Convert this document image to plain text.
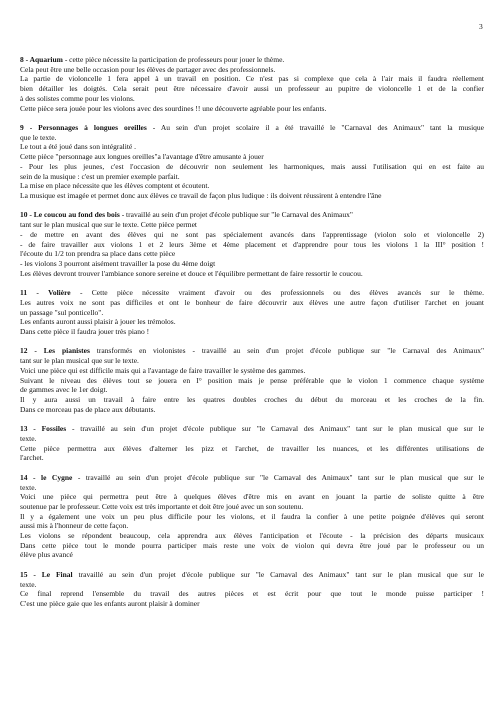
3
8 - Aquarium - cette pièce nécessite la participation de professeurs pour jouer le thème.
Cela peut être une belle occasion pour les élèves de partager avec des professionnels.
La partie de violoncelle 1 fera appel à un travail en position. Ce n'est pas si complexe que cela à l'air mais il faudra réellement
bien détailler les doigtés. Cela serait peut être nécessaire d'avoir aussi un professeur au pupitre de violoncelle 1 et de la confier
à des solistes comme pour les violons.
Cette pièce sera jouée pour les violons avec des sourdines !! une découverte agréable pour les enfants.
9 - Personnages à longues oreilles - Au sein d'un projet scolaire il a été travaillé le "Carnaval des Animaux" tant la musique
que le texte.
Le tout a été joué dans son intégralité .
Cette pièce "personnage aux longues oreilles"a l'avantage d'être amusante à jouer
- Pour les plus jeunes, c'est l'occasion de découvrir non seulement les harmoniques, mais aussi l'utilisation qui en est faite au
sein de la musique : c'est un premier exemple parfait.
La mise en place nécessite que les élèves comptent et écoutent.
La musique est imagée et permet donc aux élèves ce travail de façon plus ludique : ils doivent réussirent à entendre l'âne
10 - Le coucou au fond des bois - travaillé au sein d'un projet d'école publique sur "le Carnaval des Animaux"
tant sur le plan musical que sur le texte. Cette pièce permet
- de mettre en avant des élèves qui ne sont pas spécialement avancés dans l'apprentissage (violon solo et violoncelle 2)
- de faire travailler aux violons 1 et 2 leurs 3ème et 4ème placement et d'apprendre pour tous les violons 1 la III° position !
l'écoute du 1/2 ton prendra sa place dans cette pièce
- les violons 3 pourront aisément travailler la pose du 4ème doigt
Les élèves devront trouver l'ambiance sonore sereine et douce et l'équilibre permettant de faire ressortir le coucou.
11 - Volière - Cette pièce nécessite vraiment d'avoir ou des professionnels ou des élèves avancés sur le thème.
Les autres voix ne sont pas difficiles et ont le bonheur de faire découvrir aux élèves une autre façon d'utiliser l'archet en jouant
un passage "sul ponticello".
Les enfants auront aussi plaisir à jouer les trémolos.
Dans cette pièce il faudra jouer très piano !
12 - Les pianistes transformés en violonistes - travaillé au sein d'un projet d'école publique sur "le Carnaval des Animaux"
tant sur le plan musical que sur le texte.
Voici une pièce qui est difficile mais qui a l'avantage de faire travailler le système des gammes.
Suivant le niveau des élèves tout se jouera en I° position mais je pense préférable que le violon 1 commence chaque système
de gammes avec le 1er doigt.
Il y aura aussi un travail à faire entre les quatres doubles croches du début du morceau et les croches de la fin.
Dans ce morceau pas de place aux débutants.
13 - Fossiles - travaillé au sein d'un projet d'école publique sur "le Carnaval des Animaux" tant sur le plan musical que sur le
texte.
Cette pièce permettra aux élèves d'alterner les pizz et l'archet, de travailler les nuances, et les différentes utilisations de
l'archet.
14 - le Cygne - travaillé au sein d'un projet d'école publique sur "le Carnaval des Animaux" tant sur le plan musical que sur le
texte.
Voici une pièce qui permettra peut être à quelques élèves d'être mis en avant en jouant la partie de soliste quitte à être
soutenue par le professeur. Cette voix est très importante et doit être joué avec un son soutenu.
Il y a également une voix un peu plus difficile pour les violons, et il faudra la confier à une petite poignée d'élèves qui seront
aussi mis à l'honneur de cette façon.
Les violons se répondent beaucoup, cela apprendra aux élèves l'anticipation et l'écoute - la précision des départs musicaux
Dans cette pièce tout le monde pourra participer mais reste une voix de violon qui devra être joué par le professeur ou un
élève plus avancé
15 - Le Final travaillé au sein d'un projet d'école publique sur "le Carnaval des Animaux" tant sur le plan musical que sur le
texte.
Ce final reprend l'ensemble du travail des autres pièces et est écrit pour que tout le monde puisse participer !
C'est une pièce gaie que les enfants auront plaisir à dominer
